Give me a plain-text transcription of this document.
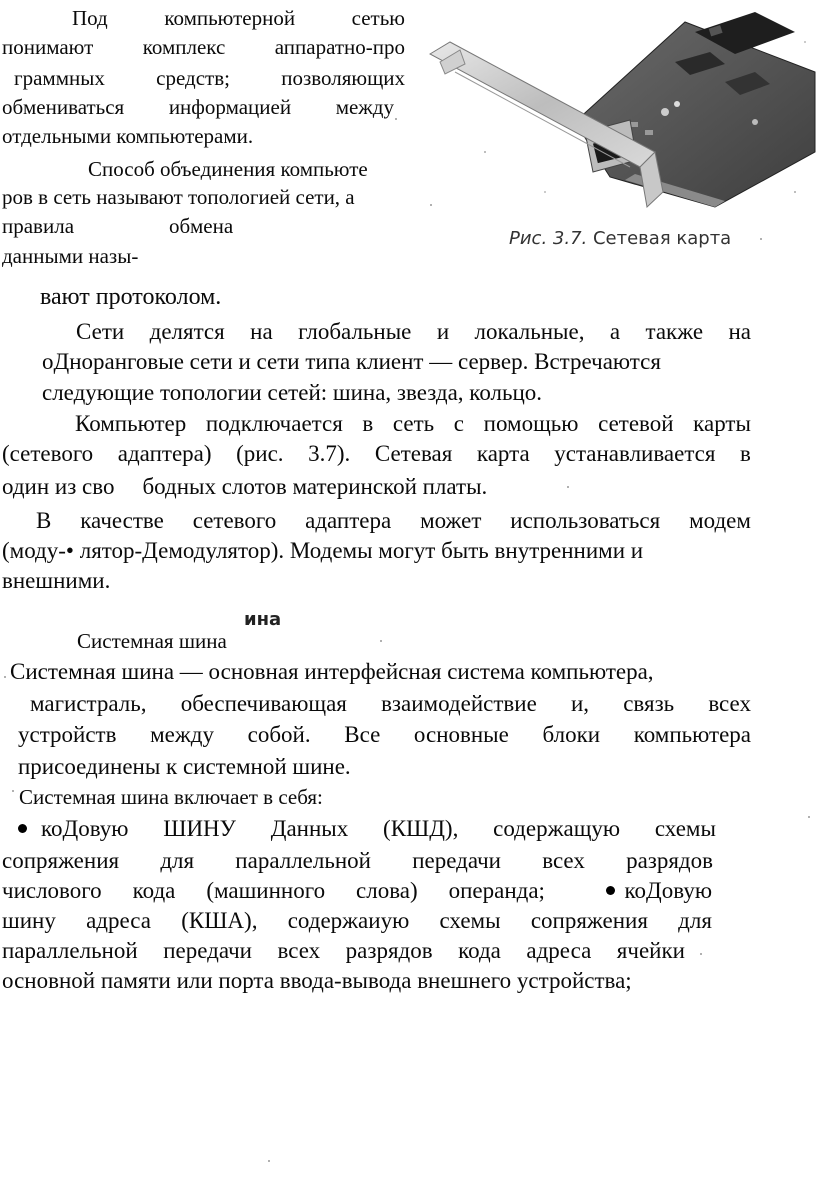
Под	компьютерной	сетью
понимают комплекс аппаратно-про
граммных средств; позволяющих
обмениваться информацией между
отдельными компьютерами.
Способ объединения компьюте
ров в сеть называют топологией сети, а
правила	обмена
данными назы-
вают протоколом.
Рис. 3.7. Сетевая карта
Сети делятся на глобальные и локальные, а также на
оДноранговые сети и сети типа клиент — сервер. Встречаются
следующие топологии сетей: шина, звезда, кольцо.
Компьютер подключается в сеть с помощью сетевой карты
(сетевого адаптера) (рис. 3.7). Сетевая карта устанавливается в
один из сво бодных слотов материнской платы.
В качестве сетевого адаптера может использоваться модем
(моду-• лятор-Демодулятор). Модемы могут быть внутренними и
внешними.
ина
Системная шина
Системная шина — основная интерфейсная система компьютера,
магистраль, обеспечивающая взаимодействие и, связь всех
устройств между собой. Все основные блоки компьютера
присоединены к системной шине.
Системная шина включает в себя:
коДовую ШИНУ Данных (КШД), содержащую схемы
сопряжения для параллельной передачи всех разрядов
числового кода (машинного слова) операнда;	коДовую
шину адреса (КША), содержаиую схемы сопряжения для
параллельной передачи всех разрядов кода адреса ячейки
основной памяти или порта ввода-вывода внешнего устройства;
